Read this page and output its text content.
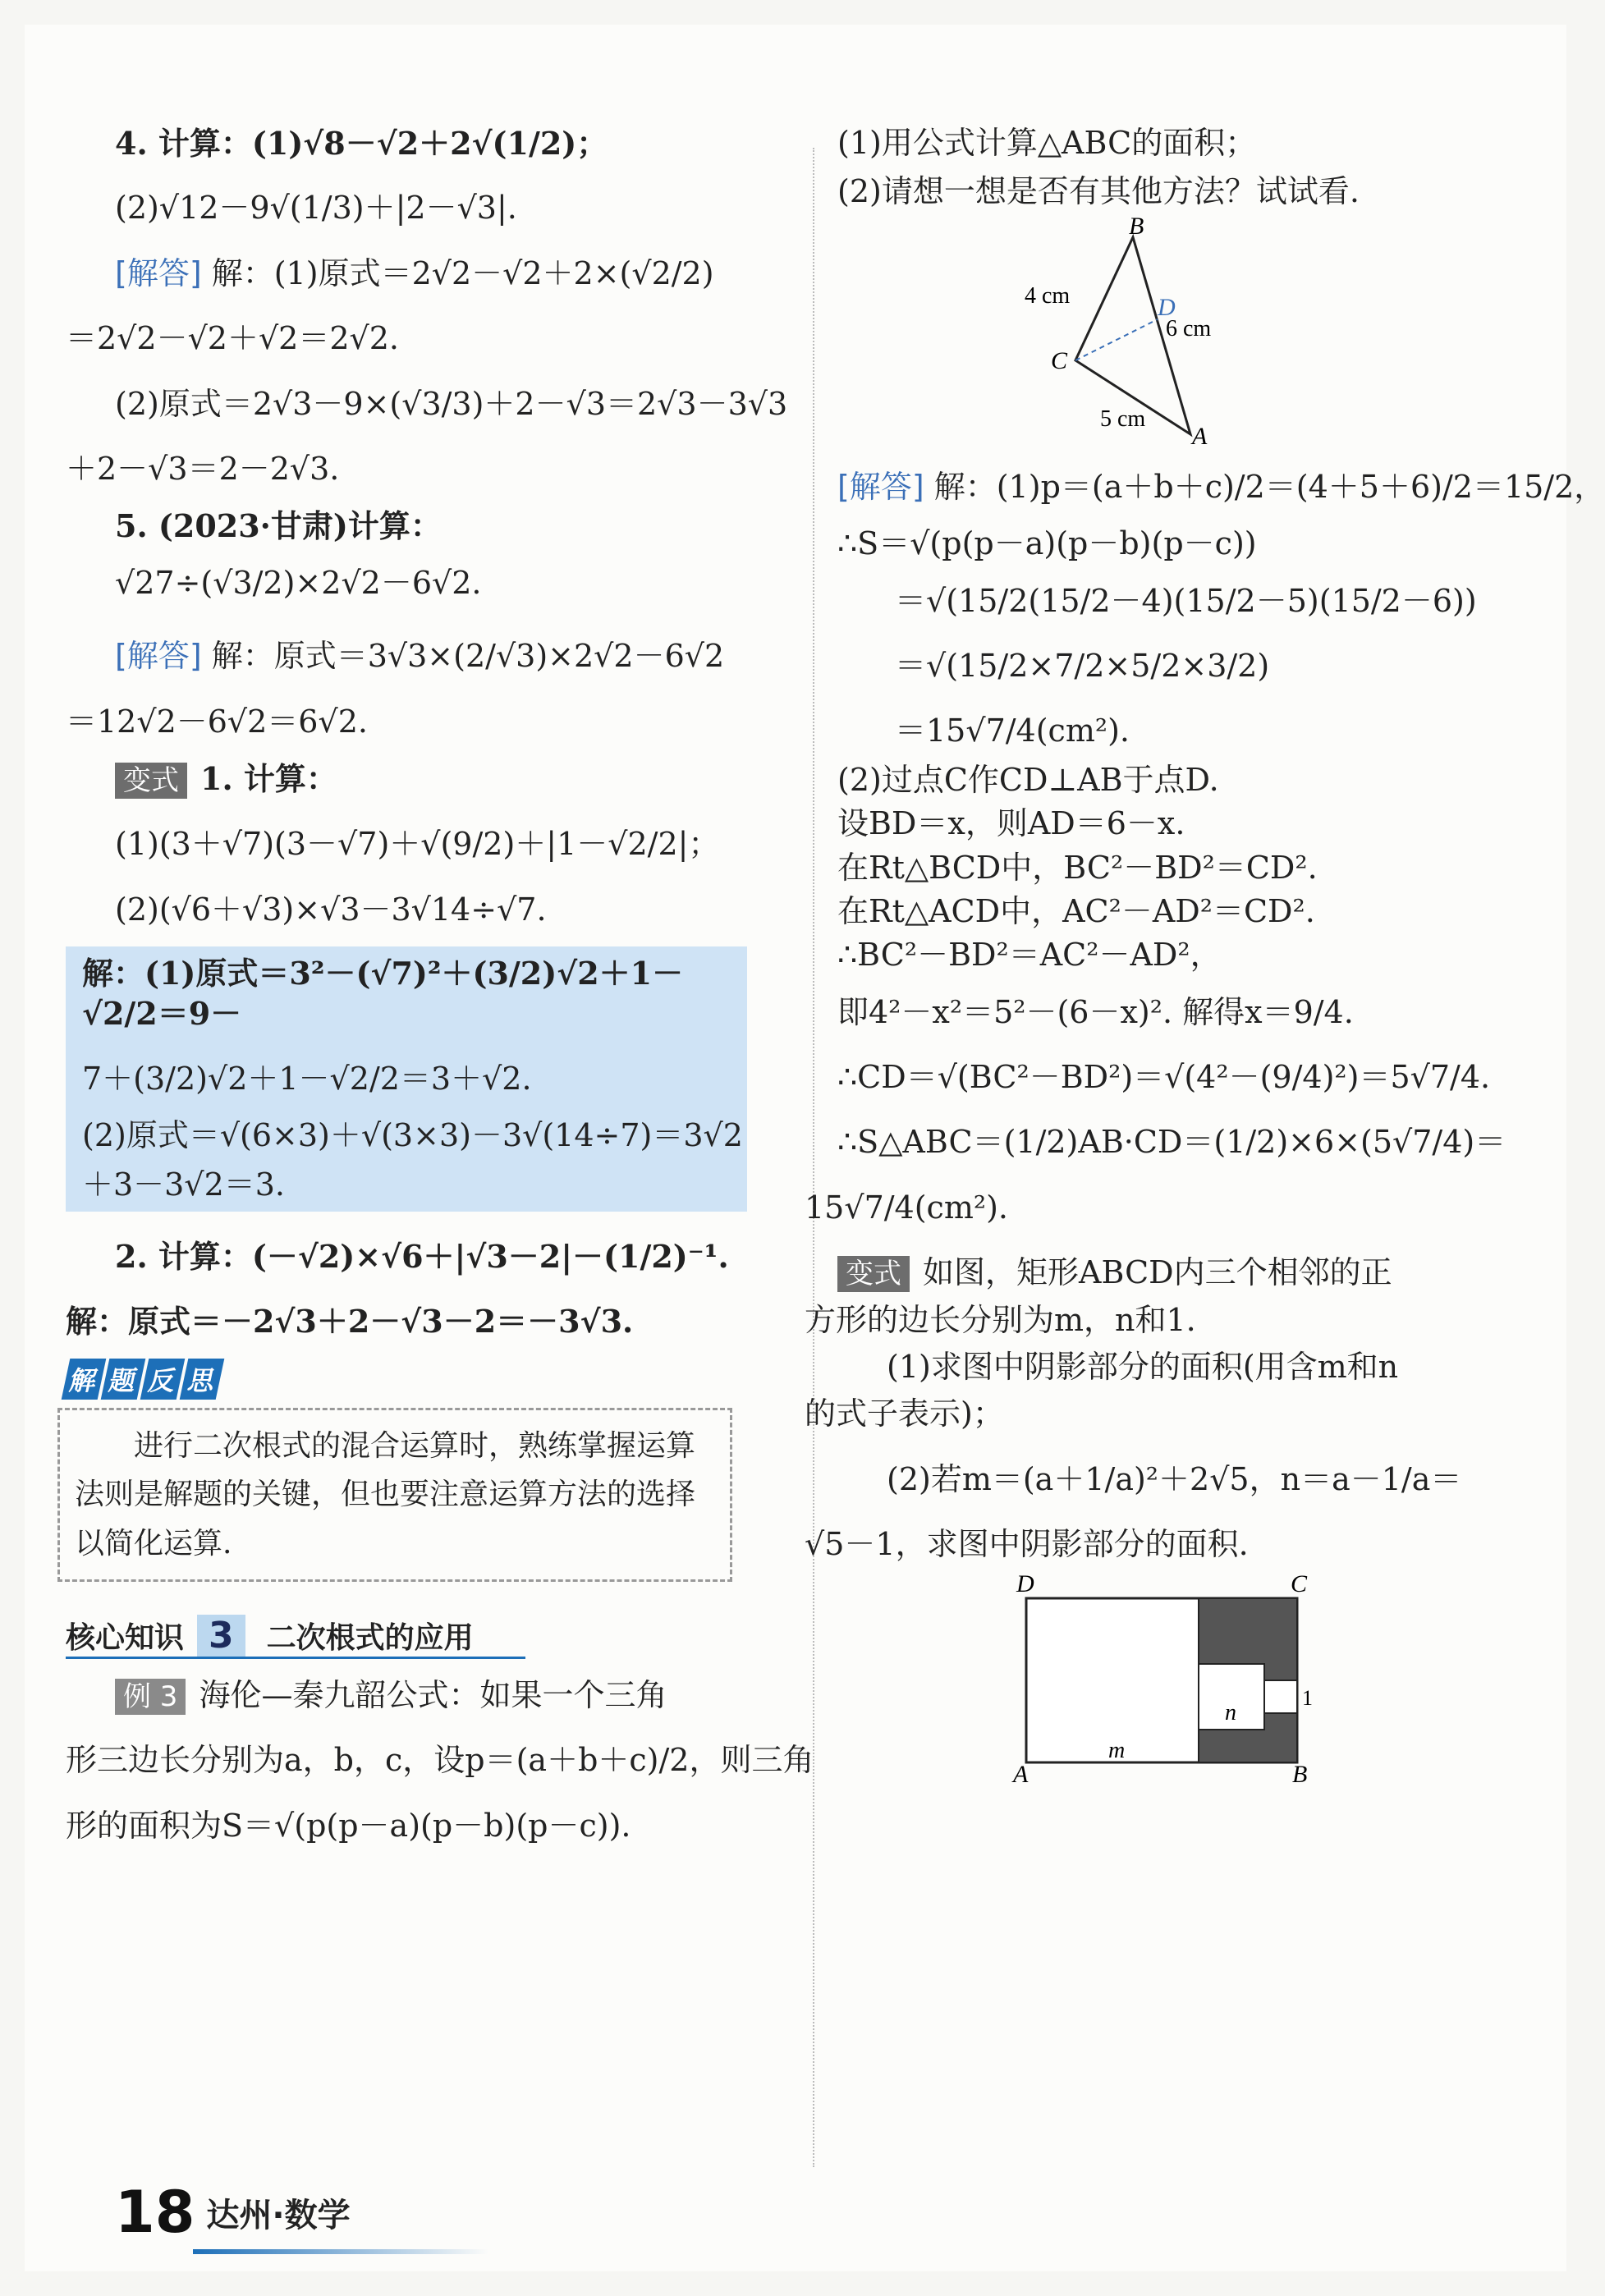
4. 计算：(1)√8－√2＋2√(1/2)；

(2)√12－9√(1/3)＋|2－√3|.

[解答] 解：(1)原式＝2√2－√2＋2×(√2/2)

＝2√2－√2＋√2＝2√2.

(2)原式＝2√3－9×(√3/3)＋2－√3＝2√3－3√3

＋2－√3＝2－2√3.

5. (2023·甘肃)计算：

√27÷(√3/2)×2√2－6√2.

[解答] 解：原式＝3√3×(2/√3)×2√2－6√2

＝12√2－6√2＝6√2.

变式 1. 计算：

(1)(3＋√7)(3－√7)＋√(9/2)＋|1－√2/2|；

(2)(√6＋√3)×√3－3√14÷√7.

解：(1)原式＝3²－(√7)²＋(3/2)√2＋1－√2/2＝9－

7＋(3/2)√2＋1－√2/2＝3＋√2.

(2)原式＝√(6×3)＋√(3×3)－3√(14÷7)＝3√2

＋3－3√2＝3.

2. 计算：(－√2)×√6＋|√3－2|－(1/2)⁻¹.

解：原式＝－2√3＋2－√3－2＝－3√3.

解 题 反 思

进行二次根式的混合运算时，熟练掌握运算法则是解题的关键，但也要注意运算方法的选择以简化运算.

核心知识 3	二次根式的应用

例 3 海伦—秦九韶公式：如果一个三角

形三边长分别为a，b，c，设p＝(a＋b＋c)/2，则三角

形的面积为S＝√(p(p－a)(p－b)(p－c)).

(1)用公式计算△ABC的面积；

(2)请想一想是否有其他方法？试试看.

B
C
A
D
4 cm
6 cm
5 cm

[解答] 解：(1)p＝(a＋b＋c)/2＝(4＋5＋6)/2＝15/2，

∴S＝√(p(p－a)(p－b)(p－c))

＝√(15/2(15/2－4)(15/2－5)(15/2－6))

＝√(15/2×7/2×5/2×3/2)

＝15√7/4(cm²).

(2)过点C作CD⊥AB于点D.

设BD＝x，则AD＝6－x.

在Rt△BCD中，BC²－BD²＝CD².

在Rt△ACD中，AC²－AD²＝CD².

∴BC²－BD²＝AC²－AD²，

即4²－x²＝5²－(6－x)². 解得x＝9/4.

∴CD＝√(BC²－BD²)＝√(4²－(9/4)²)＝5√7/4.

∴S△ABC＝(1/2)AB·CD＝(1/2)×6×(5√7/4)＝

15√7/4(cm²).

变式 如图，矩形ABCD内三个相邻的正

方形的边长分别为m，n和1.

(1)求图中阴影部分的面积(用含m和n

的式子表示)；

(2)若m＝(a＋1/a)²＋2√5，n＝a－1/a＝

√5－1，求图中阴影部分的面积.

D	C
A	B
m
n
1
18 达州·数学
